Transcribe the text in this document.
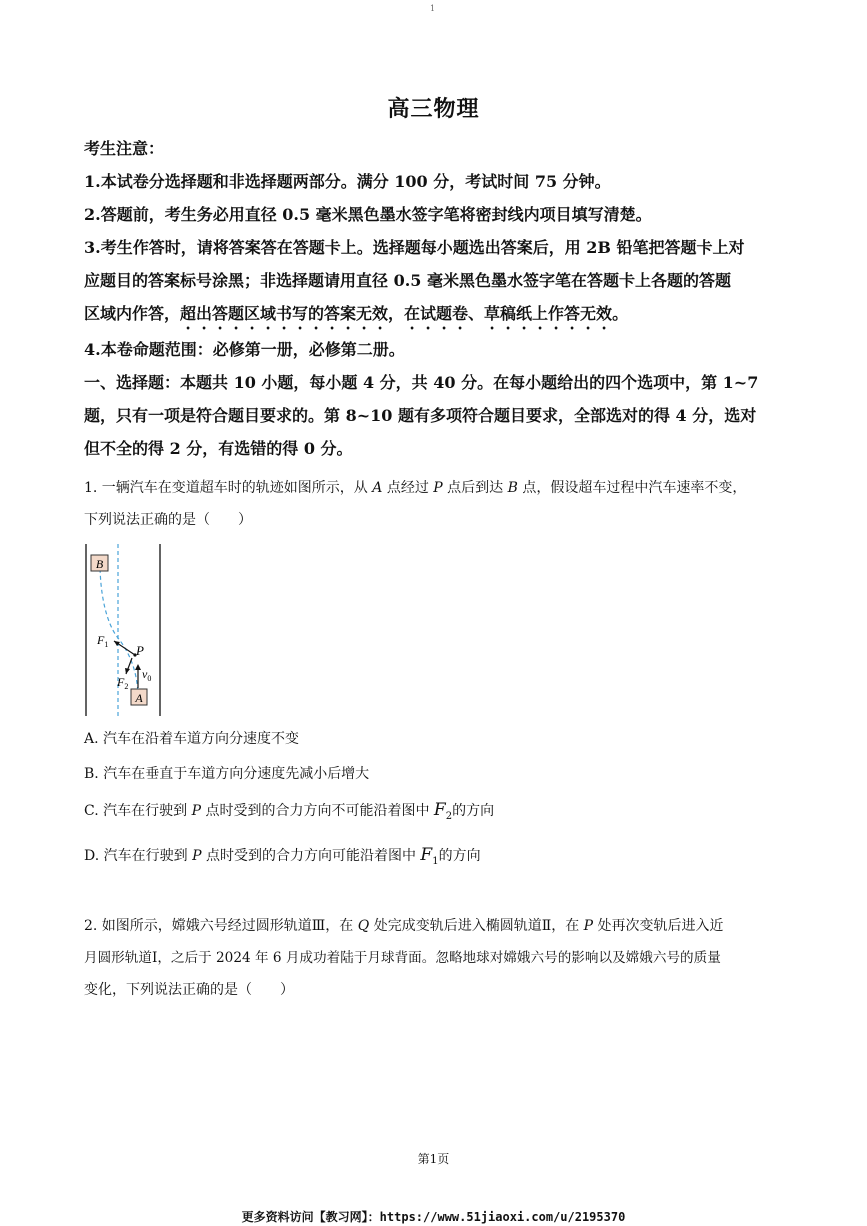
1
高三物理

考生注意：

1.本试卷分选择题和非选择题两部分。满分 100 分，考试时间 75 分钟。

2.答题前，考生务必用直径 0.5 毫米黑色墨水签字笔将密封线内项目填写清楚。

3.考生作答时，请将答案答在答题卡上。选择题每小题选出答案后，用 2B 铅笔把答题卡上对

应题目的答案标号涂黑；非选择题请用直径 0.5 毫米黑色墨水签字笔在答题卡上各题的答题

区域内作答，超出答题区域书写的答案无效，在试题卷、草稿纸上作答无效。

4.本卷命题范围：必修第一册，必修第二册。

一、选择题：本题共 10 小题，每小题 4 分，共 40 分。在每小题给出的四个选项中，第 1~7

题，只有一项是符合题目要求的。第 8~10 题有多项符合题目要求，全部选对的得 4 分，选对

但不全的得 2 分，有选错的得 0 分。

1. 一辆汽车在变道超车时的轨迹如图所示，从 A 点经过 P 点后到达 B 点，假设超车过程中汽车速率不变，

下列说法正确的是（　　）

B
A
P
$F_1$
$F_2$
$v_0$
A. 汽车在沿着车道方向分速度不变
B. 汽车在垂直于车道方向分速度先减小后增大
C. 汽车在行驶到 P 点时受到的合力方向不可能沿着图中 $F_2$的方向
D. 汽车在行驶到 P 点时受到的合力方向可能沿着图中 $F_1$的方向

2. 如图所示，嫦娥六号经过圆形轨道Ⅲ，在 Q 处完成变轨后进入椭圆轨道Ⅱ，在 P 处再次变轨后进入近

月圆形轨道Ⅰ，之后于 2024 年 6 月成功着陆于月球背面。忽略地球对嫦娥六号的影响以及嫦娥六号的质量

变化，下列说法正确的是（　　）

第1页
更多资料访问【教习网】：https://www.51jiaoxi.com/u/2195370
